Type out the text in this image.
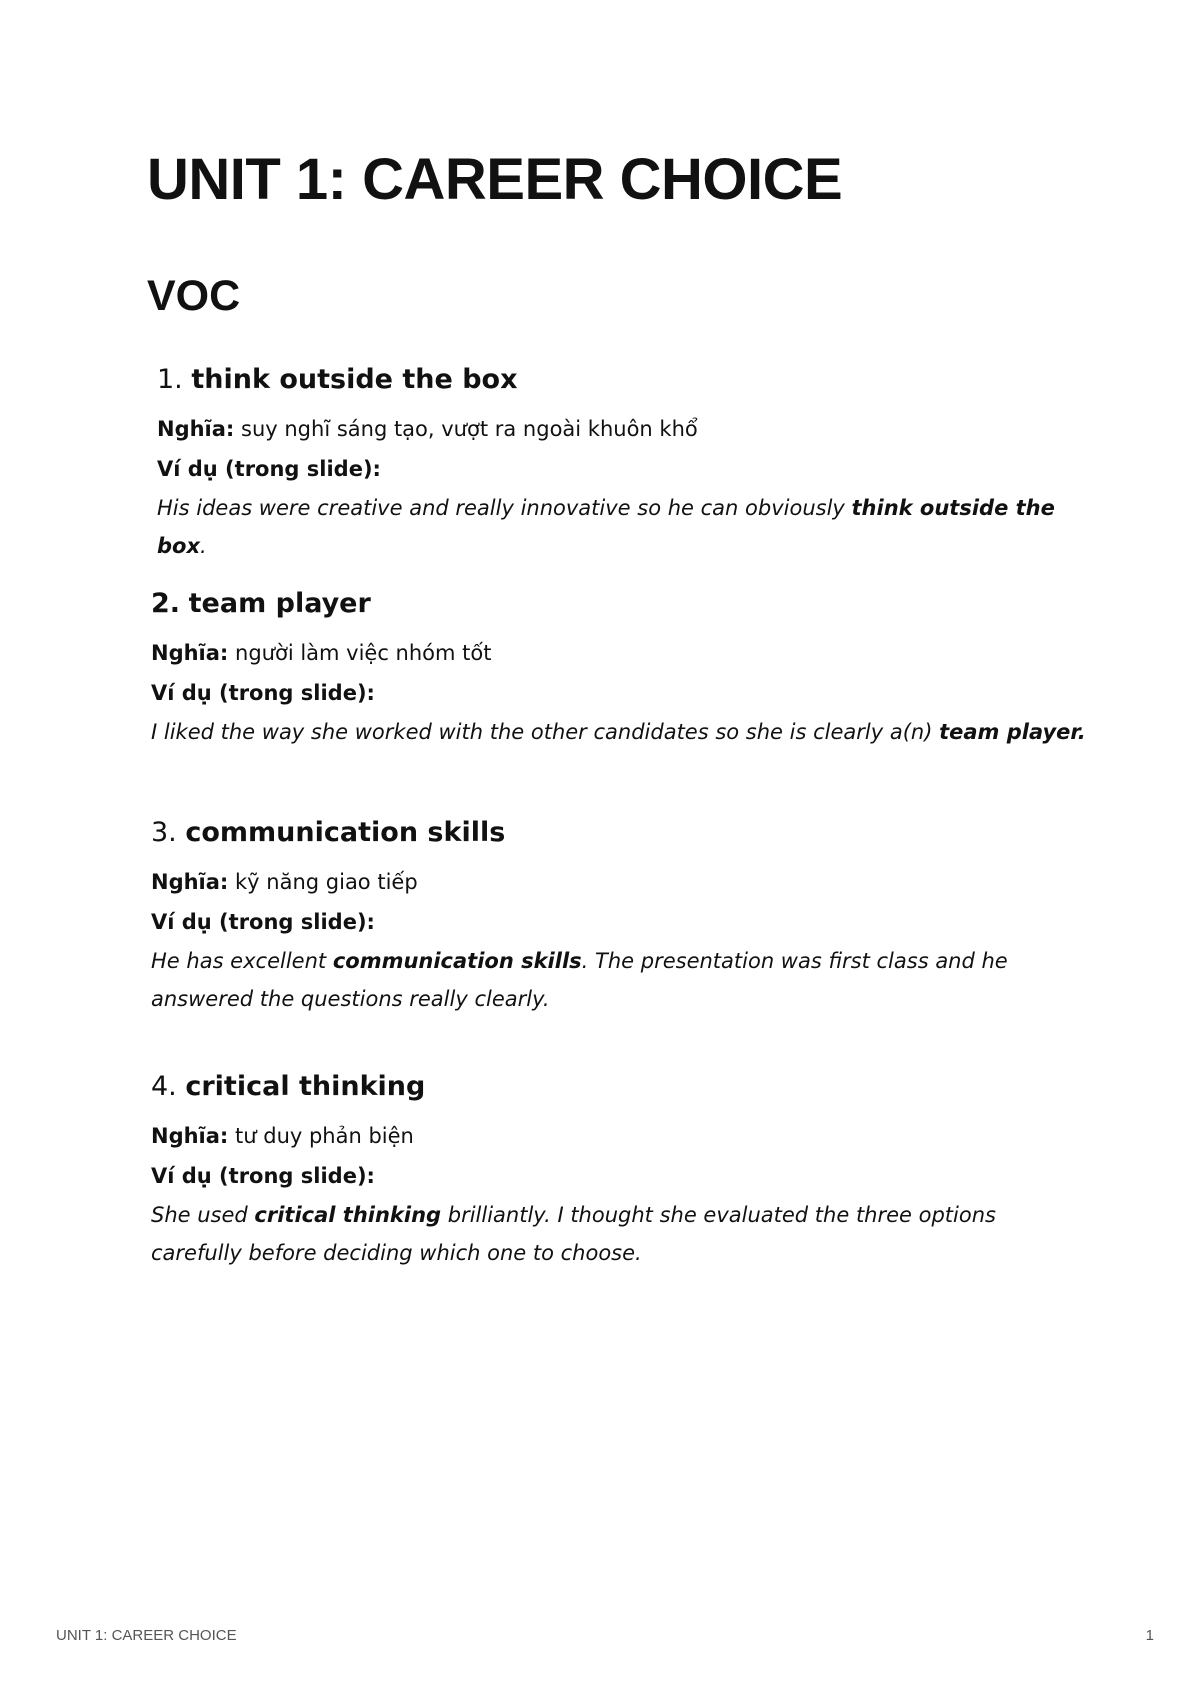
UNIT 1: CAREER CHOICE
VOC
1. think outside the box
Nghĩa: suy nghĩ sáng tạo, vượt ra ngoài khuôn khổ
Ví dụ (trong slide):
His ideas were creative and really innovative so he can obviously think outside the box.
2. team player
Nghĩa: người làm việc nhóm tốt
Ví dụ (trong slide):
I liked the way she worked with the other candidates so she is clearly a(n) team player.
3. communication skills
Nghĩa: kỹ năng giao tiếp
Ví dụ (trong slide):
He has excellent communication skills. The presentation was first class and he answered the questions really clearly.
4. critical thinking
Nghĩa: tư duy phản biện
Ví dụ (trong slide):
She used critical thinking brilliantly. I thought she evaluated the three options carefully before deciding which one to choose.
UNIT 1: CAREER CHOICE	1
